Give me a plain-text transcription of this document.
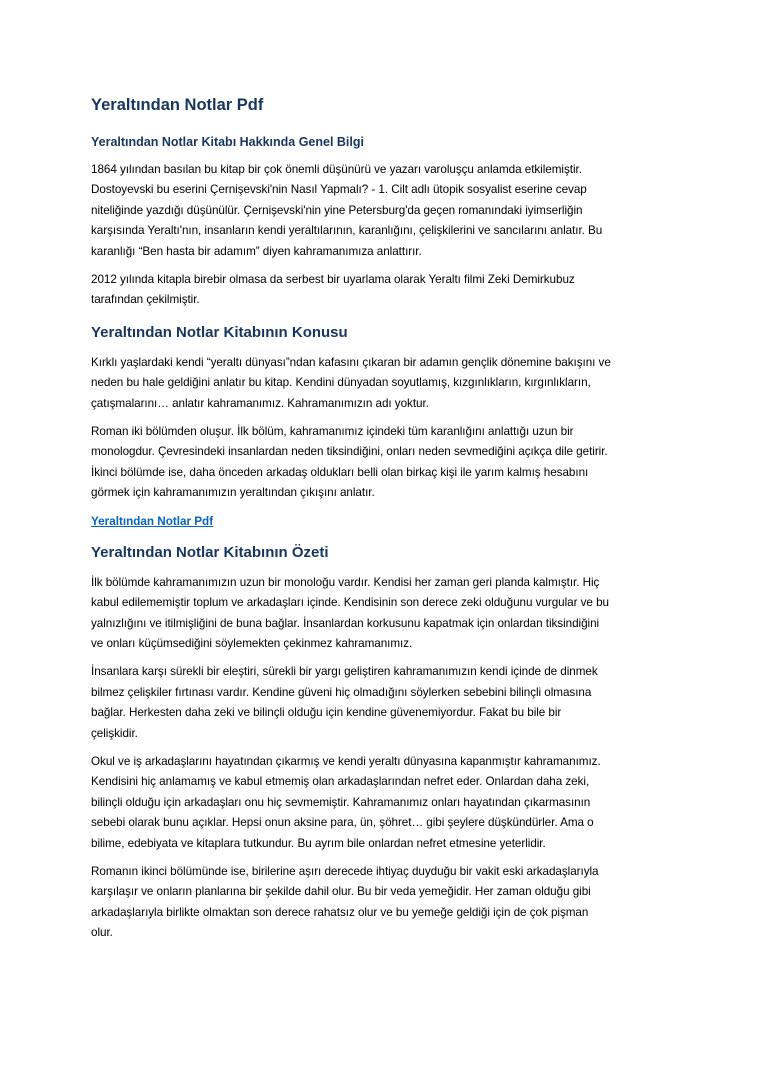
Yeraltından Notlar Pdf
Yeraltından Notlar Kitabı Hakkında Genel Bilgi

1864 yılından basılan bu kitap bir çok önemli düşünürü ve yazarı varoluşçu anlamda etkilemiştir.
Dostoyevski bu eserini Çernişevski'nin Nasıl Yapmalı? - 1. Cilt adlı ütopik sosyalist eserine cevap
niteliğinde yazdığı düşünülür. Çernişevski'nin yine Petersburg'da geçen romanındaki iyimserliğin
karşısında Yeraltı'nın, insanların kendi yeraltılarının, karanlığını, çelişkilerini ve sancılarını anlatır. Bu
karanlığı “Ben hasta bir adamım” diyen kahramanımıza anlattırır.

2012 yılında kitapla birebir olmasa da serbest bir uyarlama olarak Yeraltı filmi Zeki Demirkubuz
tarafından çekilmiştir.

Yeraltından Notlar Kitabının Konusu

Kırklı yaşlardaki kendi “yeraltı dünyası”ndan kafasını çıkaran bir adamın gençlik dönemine bakışını ve
neden bu hale geldiğini anlatır bu kitap. Kendini dünyadan soyutlamış, kızgınlıkların, kırgınlıkların,
çatışmalarını… anlatır kahramanımız. Kahramanımızın adı yoktur.

Roman iki bölümden oluşur. İlk bölüm, kahramanımız içindeki tüm karanlığını anlattığı uzun bir
monologdur. Çevresindeki insanlardan neden tiksindiğini, onları neden sevmediğini açıkça dile getirir.
İkinci bölümde ise, daha önceden arkadaş oldukları belli olan birkaç kişi ile yarım kalmış hesabını
görmek için kahramanımızın yeraltından çıkışını anlatır.

Yeraltından Notlar Pdf
Yeraltından Notlar Kitabının Özeti

İlk bölümde kahramanımızın uzun bir monoloğu vardır. Kendisi her zaman geri planda kalmıştır. Hiç
kabul edilememiştir toplum ve arkadaşları içinde. Kendisinin son derece zeki olduğunu vurgular ve bu
yalnızlığını ve itilmişliğini de buna bağlar. İnsanlardan korkusunu kapatmak için onlardan tiksindiğini
ve onları küçümsediğini söylemekten çekinmez kahramanımız.

İnsanlara karşı sürekli bir eleştiri, sürekli bir yargı geliştiren kahramanımızın kendi içinde de dinmek
bilmez çelişkiler fırtınası vardır. Kendine güveni hiç olmadığını söylerken sebebini bilinçli olmasına
bağlar. Herkesten daha zeki ve bilinçli olduğu için kendine güvenemiyordur. Fakat bu bile bir
çelişkidir.

Okul ve iş arkadaşlarını hayatından çıkarmış ve kendi yeraltı dünyasına kapanmıştır kahramanımız.
Kendisini hiç anlamamış ve kabul etmemiş olan arkadaşlarından nefret eder. Onlardan daha zeki,
bilinçli olduğu için arkadaşları onu hiç sevmemiştir. Kahramanımız onları hayatından çıkarmasının
sebebi olarak bunu açıklar. Hepsi onun aksine para, ün, şöhret… gibi şeylere düşkündürler. Ama o
bilime, edebiyata ve kitaplara tutkundur. Bu ayrım bile onlardan nefret etmesine yeterlidir.

Romanın ikinci bölümünde ise, birilerine aşırı derecede ihtiyaç duyduğu bir vakit eski arkadaşlarıyla
karşılaşır ve onların planlarına bir şekilde dahil olur. Bu bir veda yemeğidir. Her zaman olduğu gibi
arkadaşlarıyla birlikte olmaktan son derece rahatsız olur ve bu yemeğe geldiği için de çok pişman
olur.
